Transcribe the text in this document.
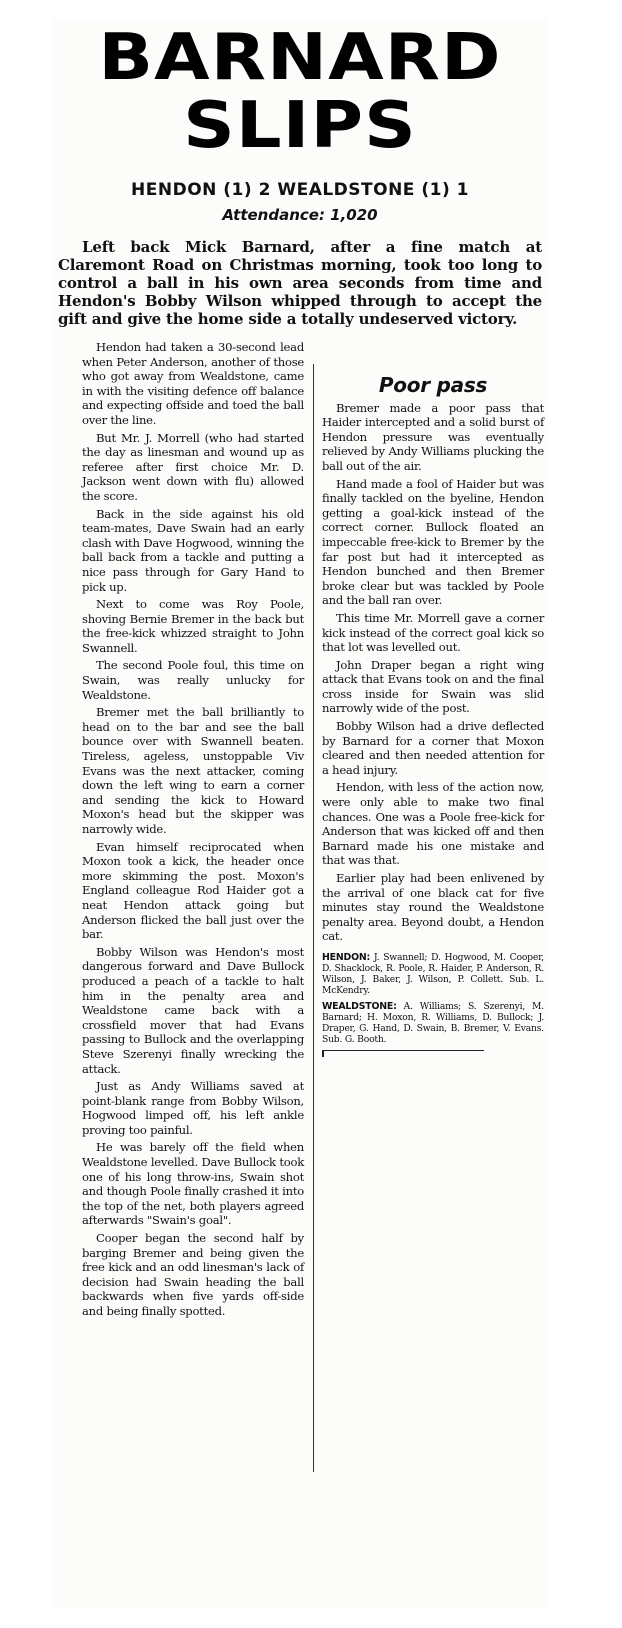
BARNARD
SLIPS
HENDON (1) 2 WEALDSTONE (1) 1
Attendance: 1,020

Left back Mick Barnard, after a fine match at Claremont Road on Christmas morning, took too long to control a ball in his own area seconds from time and Hendon's Bobby Wilson whipped through to accept the gift and give the home side a totally undeserved victory.

Hendon had taken a 30-second lead when Peter Anderson, another of those who got away from Wealdstone, came in with the visiting defence off balance and expecting offside and toed the ball over the line.

But Mr. J. Morrell (who had started the day as linesman and wound up as referee after first choice Mr. D. Jackson went down with flu) allowed the score.

Back in the side against his old team-mates, Dave Swain had an early clash with Dave Hogwood, winning the ball back from a tackle and putting a nice pass through for Gary Hand to pick up.

Next to come was Roy Poole, shoving Bernie Bremer in the back but the free-kick whizzed straight to John Swannell.

The second Poole foul, this time on Swain, was really unlucky for Wealdstone.

Bremer met the ball brilliantly to head on to the bar and see the ball bounce over with Swannell beaten. Tireless, ageless, unstoppable Viv Evans was the next attacker, coming down the left wing to earn a corner and sending the kick to Howard Moxon's head but the skipper was narrowly wide.

Evan himself reciprocated when Moxon took a kick, the header once more skimming the post. Moxon's England colleague Rod Haider got a neat Hendon attack going but Anderson flicked the ball just over the bar.

Bobby Wilson was Hendon's most dangerous forward and Dave Bullock produced a peach of a tackle to halt him in the penalty area and Wealdstone came back with a crossfield mover that had Evans passing to Bullock and the overlapping Steve Szerenyi finally wrecking the attack.

Just as Andy Williams saved at point-blank range from Bobby Wilson, Hogwood limped off, his left ankle proving too painful.

He was barely off the field when Wealdstone levelled. Dave Bullock took one of his long throw-ins, Swain shot and though Poole finally crashed it into the top of the net, both players agreed afterwards "Swain's goal".

Cooper began the second half by barging Bremer and being given the free kick and an odd linesman's lack of decision had Swain heading the ball backwards when five yards off-side and being finally spotted.

Poor pass

Bremer made a poor pass that Haider intercepted and a solid burst of Hendon pressure was eventually relieved by Andy Williams plucking the ball out of the air.

Hand made a fool of Haider but was finally tackled on the byeline, Hendon getting a goal-kick instead of the correct corner. Bullock floated an impeccable free-kick to Bremer by the far post but had it intercepted as Hendon bunched and then Bremer broke clear but was tackled by Poole and the ball ran over.

This time Mr. Morrell gave a corner kick instead of the correct goal kick so that lot was levelled out.

John Draper began a right wing attack that Evans took on and the final cross inside for Swain was slid narrowly wide of the post.

Bobby Wilson had a drive deflected by Barnard for a corner that Moxon cleared and then needed attention for a head injury.

Hendon, with less of the action now, were only able to make two final chances. One was a Poole free-kick for Anderson that was kicked off and then Barnard made his one mistake and that was that.

Earlier play had been enlivened by the arrival of one black cat for five minutes stay round the Wealdstone penalty area. Beyond doubt, a Hendon cat.

HENDON: J. Swannell; D. Hogwood, M. Cooper, D. Shacklock, R. Poole, R. Haider, P. Anderson, R. Wilson, J. Baker, J. Wilson, P. Collett. Sub. L. McKendry.

WEALDSTONE: A. Williams; S. Szerenyi, M. Barnard; H. Moxon, R. Williams, D. Bullock; J. Draper, G. Hand, D. Swain, B. Bremer, V. Evans. Sub. G. Booth.
